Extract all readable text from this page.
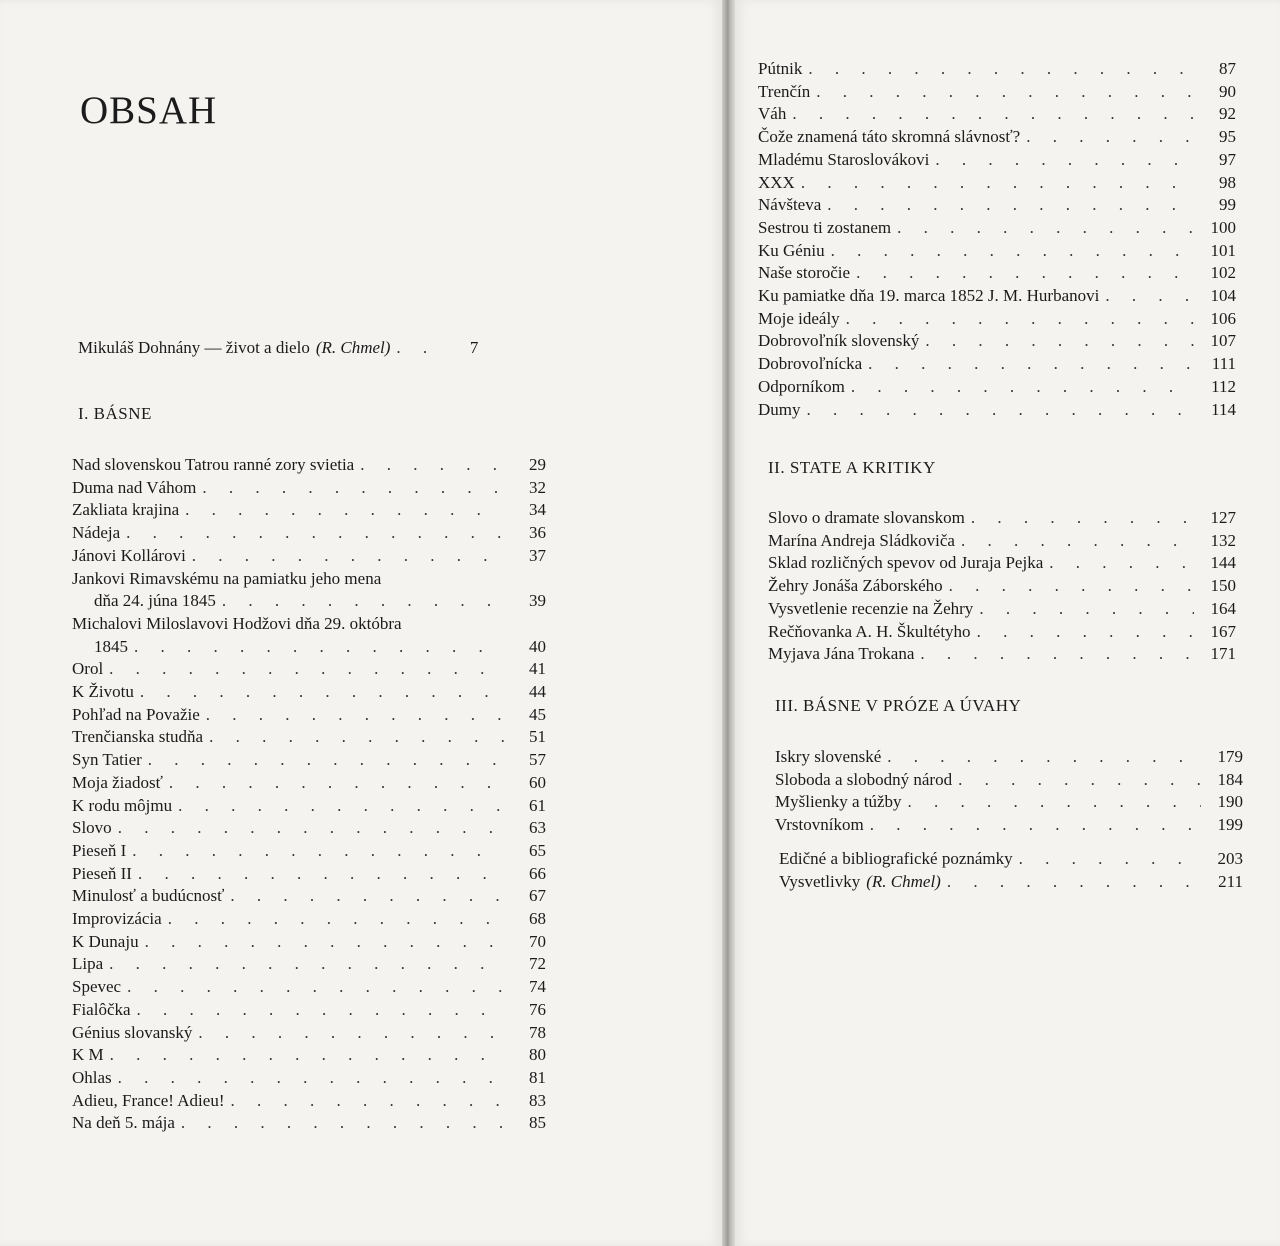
OBSAH
Mikuláš Dohnány — život a dielo (R. Chmel) . . .	7
I. BÁSNE
Nad slovenskou Tatrou ranné zory svietia . . .	29
Duma nad Váhom . . .	32
Zakliata krajina . . .	34
Nádeja . . .	36
Jánovi Kollárovi . . .	37
Jankovi Rimavskému na pamiatku jeho mena
dňa 24. júna 1845 . . .	39
Michalovi Miloslavovi Hodžovi dňa 29. októbra
1845 . . .	40
Orol . . .	41
K Životu . . .	44
Pohľad na Považie . . .	45
Trenčianska studňa . . .	51
Syn Tatier . . .	57
Moja žiadosť . . .	60
K rodu môjmu . . .	61
Slovo . . .	63
Pieseň I . . .	65
Pieseň II . . .	66
Minulosť a budúcnosť . . .	67
Improvizácia . . .	68
K Dunaju . . .	70
Lipa . . .	72
Spevec . . .	74
Fialôčka . . .	76
Génius slovanský . . .	78
K M . . .	80
Ohlas . . .	81
Adieu, France! Adieu! . . .	83
Na deň 5. mája . . .	85
Pútnik . . .	87
Trenčín . . .	90
Váh . . .	92
Čože znamená táto skromná slávnosť? . . .	95
Mladému Staroslovákovi . . .	97
XXX . . .	98
Návšteva . . .	99
Sestrou ti zostanem . . .	100
Ku Géniu . . .	101
Naše storočie . . .	102
Ku pamiatke dňa 19. marca 1852 J. M. Hurbanovi . . .	104
Moje ideály . . .	106
Dobrovoľník slovenský . . .	107
Dobrovoľnícka . . .	111
Odporníkom . . .	112
Dumy . . .	114
II. STATE A KRITIKY
Slovo o dramate slovanskom . . .	127
Marína Andreja Sládkoviča . . .	132
Sklad rozličných spevov od Juraja Pejka . . .	144
Žehry Jonáša Záborského . . .	150
Vysvetlenie recenzie na Žehry . . .	164
Rečňovanka A. H. Škultétyho . . .	167
Myjava Jána Trokana . . .	171
III. BÁSNE V PRÓZE A ÚVAHY
Iskry slovenské . . .	179
Sloboda a slobodný národ . . .	184
Myšlienky a túžby . . .	190
Vrstovníkom . . .	199
Edičné a bibliografické poznámky . . .	203
Vysvetlivky (R. Chmel) . . .	211
